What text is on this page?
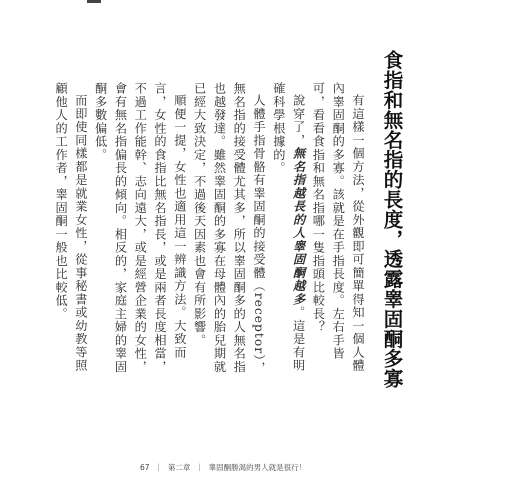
食指和無名指的長度，透露睾固酮多寡

有這樣一個方法，從外觀即可簡單得知一個人體內睾固酮的多寡。該就是在手指長度。左右手皆可，看看食指和無名指哪一隻指頭比較長？

說穿了，無名指越長的人睾固酮越多。這是有明確科學根據的。

人體手指骨骼有睾固酮的接受體（receptor），無名指的接受體尤其多，所以睾固酮多的人無名指也越發達。雖然睾固酮的多寡在母體內的胎兒期就已經大致決定，不過後天因素也會有所影響。

順便一提，女性也適用這一辨識方法。大致而言，女性的食指比無名指長，或是兩者長度相當，不過工作能幹、志向遠大，或是經營企業的女性，會有無名指偏長的傾向。相反的，家庭主婦的睾固酮多數偏低。

而即使同樣都是就業女性，從事秘書或幼教等照顧他人的工作者，睾固酮一般也比較低。

67 ｜ 第二章 ｜ 睾固酮勝渴的男人就是很行！
